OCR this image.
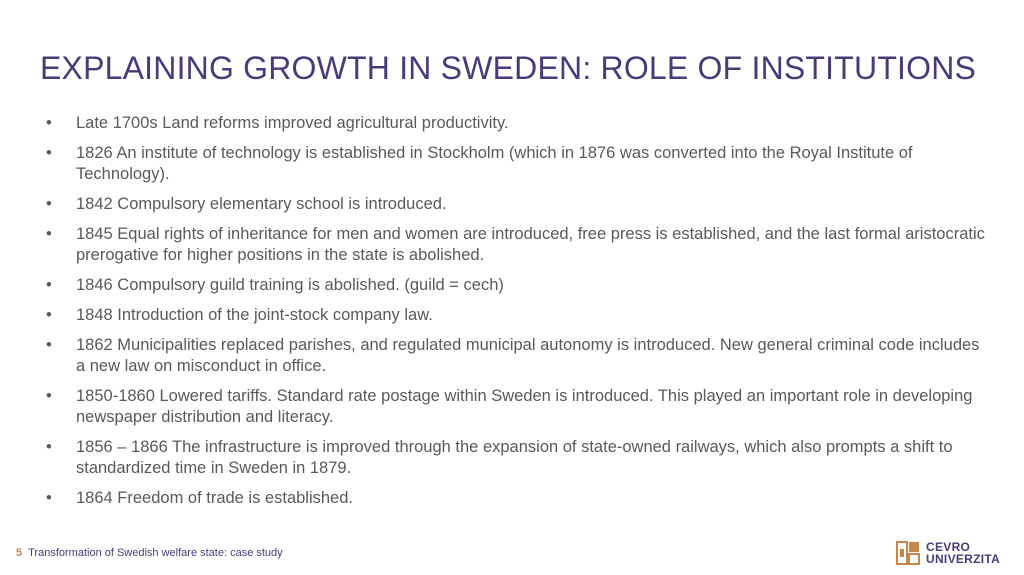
EXPLAINING GROWTH IN SWEDEN: ROLE OF INSTITUTIONS
•	Late 1700s Land reforms improved agricultural productivity.
•	1826 An institute of technology is established in Stockholm (which in 1876 was converted into the Royal Institute of Technology).
•	1842 Compulsory elementary school is introduced.
•	1845 Equal rights of inheritance for men and women are introduced, free press is established, and the last formal aristocratic prerogative for higher positions in the state is abolished.
•	1846 Compulsory guild training is abolished. (guild = cech)
•	1848 Introduction of the joint-stock company law.
•	1862 Municipalities replaced parishes, and regulated municipal autonomy is introduced. New general criminal code includes a new law on misconduct in office.
•	1850-1860 Lowered tariffs. Standard rate postage within Sweden is introduced. This played an important role in developing newspaper distribution and literacy.
•	1856 – 1866 The infrastructure is improved through the expansion of state-owned railways, which also prompts a shift to standardized time in Sweden in 1879.
•	1864 Freedom of trade is established.
5 Transformation of Swedish welfare state: case study	CEVRO
UNIVERZITA
